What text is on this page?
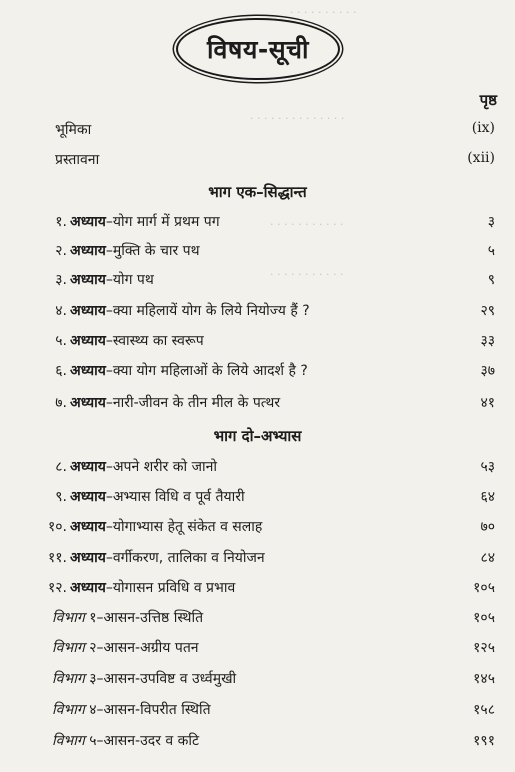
· · · · · · · · · ·
· · · · · · · · · · · · · ·
· · · · · · · · · · ·
· · · · · · · · · · ·
विषय-सूची
पृष्ठ
भूमिका	(ix)
प्रस्तावना	(xii)
भाग एक–सिद्धान्त
१. अध्याय–योग मार्ग में प्रथम पग	३
२. अध्याय–मुक्ति के चार पथ	५
३. अध्याय–योग पथ	९
४. अध्याय–क्या महिलायें योग के लिये नियोज्य हैं ?	२९
५. अध्याय–स्वास्थ्य का स्वरूप	३३
६. अध्याय–क्या योग महिलाओं के लिये आदर्श है ?	३७
७. अध्याय–नारी-जीवन के तीन मील के पत्थर	४१
भाग दो–अभ्यास
८. अध्याय–अपने शरीर को जानो	५३
९. अध्याय–अभ्यास विधि व पूर्व तैयारी	६४
१०. अध्याय–योगाभ्यास हेतू संकेत व सलाह	७०
११. अध्याय–वर्गीकरण, तालिका व नियोजन	८४
१२. अध्याय–योगासन प्रविधि व प्रभाव	१०५
विभाग १–आसन-उत्तिष्ठ स्थिति	१०५
विभाग २–आसन-अग्रीय पतन	१२५
विभाग ३–आसन-उपविष्ट व उर्ध्वमुखी	१४५
विभाग ४–आसन-विपरीत स्थिति	१५८
विभाग ५–आसन-उदर व कटि	१९१
